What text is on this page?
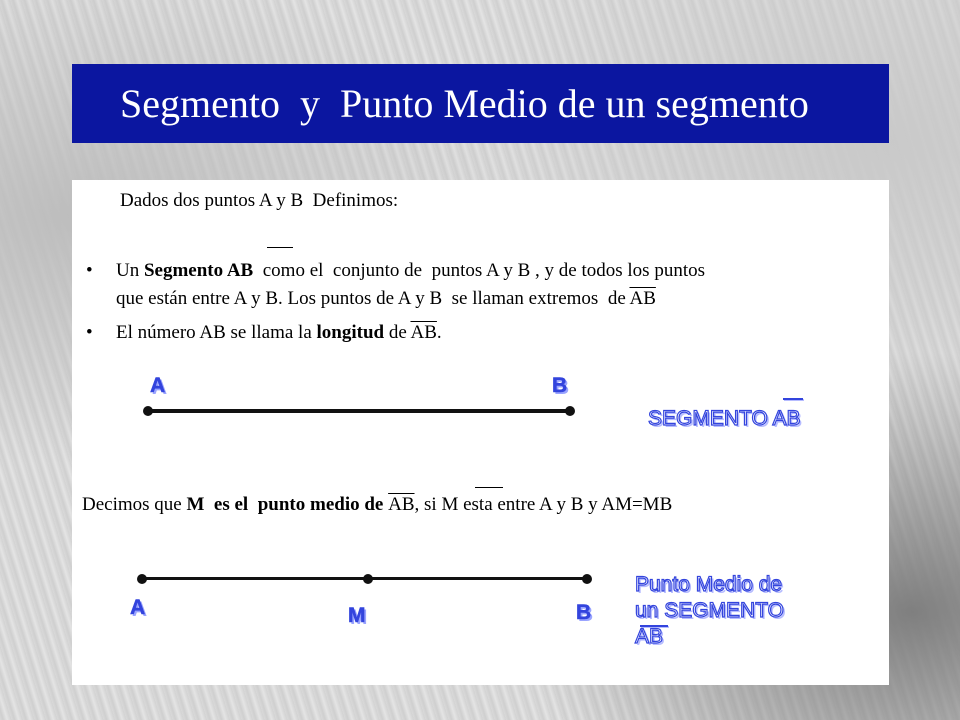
Segmento  y  Punto Medio de un segmento
Dados dos puntos A y B  Definimos:
• Un Segmento AB  como el  conjunto de  puntos A y B , y de todos los puntos
que están entre A y B. Los puntos de A y B  se llaman extremos  de $\overline{AB}$
• El número AB se llama la longitud de $\overline{AB}$.
A	B
SEGMENTO AB
Decimos que M  es el  punto medio de $\overline{AB}$, si M esta entre A y B y AM=MB
A	M	B
Punto Medio de
un SEGMENTO
AB
